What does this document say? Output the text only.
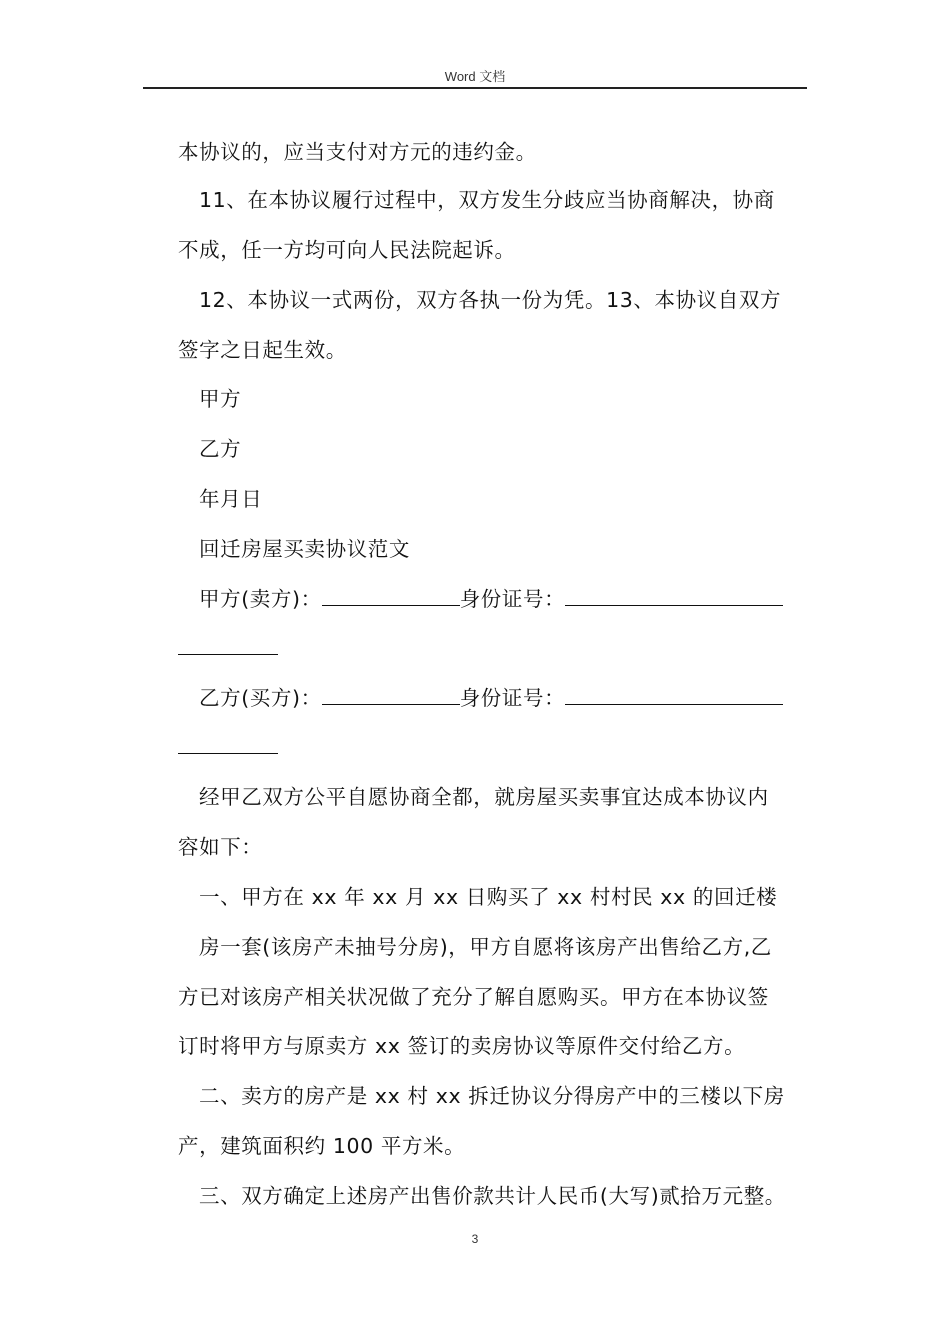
Word 文档
本协议的，应当支付对方元的违约金。
11、在本协议履行过程中，双方发生分歧应当协商解决，协商
不成，任一方均可向人民法院起诉。
12、本协议一式两份，双方各执一份为凭。13、本协议自双方
签字之日起生效。
甲方
乙方
年月日
回迁房屋买卖协议范文
甲方(卖方)：	身份证号：
乙方(买方)：	身份证号：
经甲乙双方公平自愿协商全都，就房屋买卖事宜达成本协议内
容如下：
一、甲方在 xx 年 xx 月 xx 日购买了 xx 村村民 xx 的回迁楼
房一套(该房产未抽号分房)，甲方自愿将该房产出售给乙方,乙
方已对该房产相关状况做了充分了解自愿购买。甲方在本协议签
订时将甲方与原卖方 xx 签订的卖房协议等原件交付给乙方。
二、卖方的房产是 xx 村 xx 拆迁协议分得房产中的三楼以下房
产，建筑面积约 100 平方米。
三、双方确定上述房产出售价款共计人民币(大写)贰拾万元整。
3
